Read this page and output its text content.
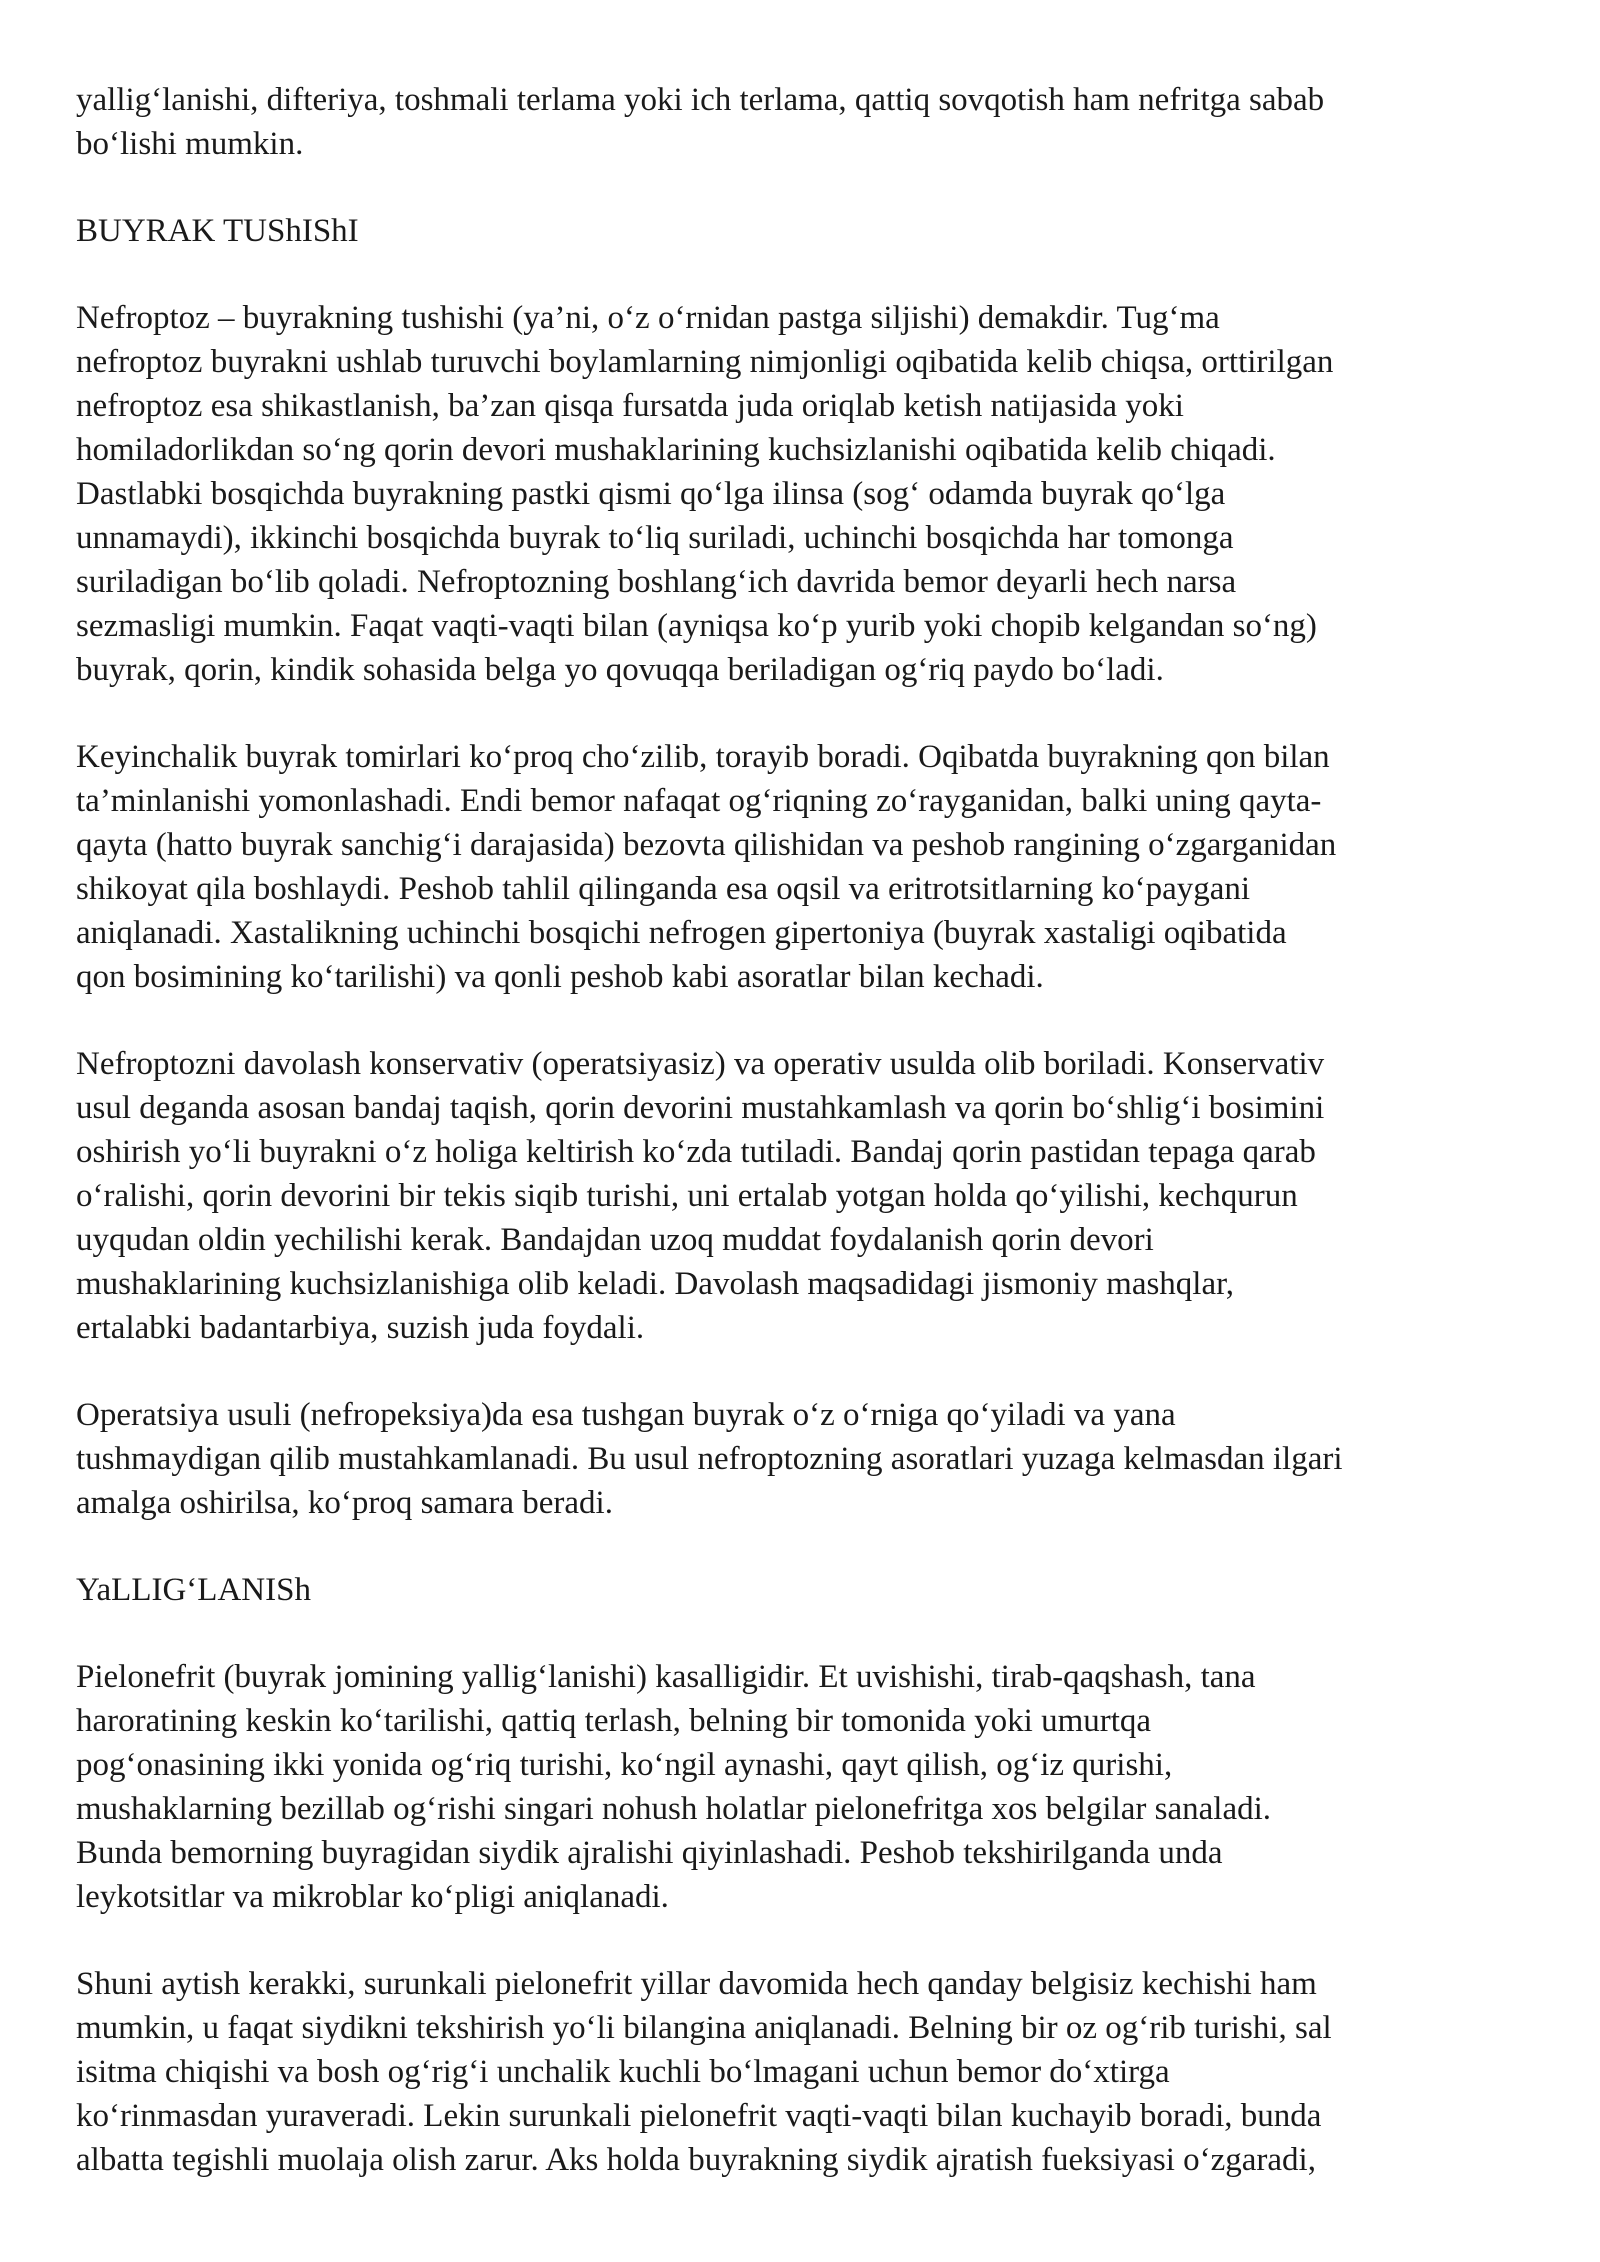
yallig‘lanishi, difteriya, toshmali terlama yoki ich terlama, qattiq sovqotish ham nefritga sabab
bo‘lishi mumkin.

BUYRAK TUShIShI

Nefroptoz – buyrakning tushishi (ya’ni, o‘z o‘rnidan pastga siljishi) demakdir. Tug‘ma
nefroptoz buyrakni ushlab turuvchi boylamlarning nimjonligi oqibatida kelib chiqsa, orttirilgan
nefroptoz esa shikastlanish, ba’zan qisqa fursatda juda oriqlab ketish natijasida yoki
homiladorlikdan so‘ng qorin devori mushaklarining kuchsizlanishi oqibatida kelib chiqadi.
Dastlabki bosqichda buyrakning pastki qismi qo‘lga ilinsa (sog‘ odamda buyrak qo‘lga
unnamaydi), ikkinchi bosqichda buyrak to‘liq suriladi, uchinchi bosqichda har tomonga
suriladigan bo‘lib qoladi. Nefroptozning boshlang‘ich davrida bemor deyarli hech narsa
sezmasligi mumkin. Faqat vaqti-vaqti bilan (ayniqsa ko‘p yurib yoki chopib kelgandan so‘ng)
buyrak, qorin, kindik sohasida belga yo qovuqqa beriladigan og‘riq paydo bo‘ladi.

Keyinchalik buyrak tomirlari ko‘proq cho‘zilib, torayib boradi. Oqibatda buyrakning qon bilan
ta’minlanishi yomonlashadi. Endi bemor nafaqat og‘riqning zo‘rayganidan, balki uning qayta-
qayta (hatto buyrak sanchig‘i darajasida) bezovta qilishidan va peshob rangining o‘zgarganidan
shikoyat qila boshlaydi. Peshob tahlil qilinganda esa oqsil va eritrotsitlarning ko‘paygani
aniqlanadi. Xastalikning uchinchi bosqichi nefrogen gipertoniya (buyrak xastaligi oqibatida
qon bosimining ko‘tarilishi) va qonli peshob kabi asoratlar bilan kechadi.

Nefroptozni davolash konservativ (operatsiyasiz) va operativ usulda olib boriladi. Konservativ
usul deganda asosan bandaj taqish, qorin devorini mustahkamlash va qorin bo‘shlig‘i bosimini
oshirish yo‘li buyrakni o‘z holiga keltirish ko‘zda tutiladi. Bandaj qorin pastidan tepaga qarab
o‘ralishi, qorin devorini bir tekis siqib turishi, uni ertalab yotgan holda qo‘yilishi, kechqurun
uyqudan oldin yechilishi kerak. Bandajdan uzoq muddat foydalanish qorin devori
mushaklarining kuchsizlanishiga olib keladi. Davolash maqsadidagi jismoniy mashqlar,
ertalabki badantarbiya, suzish juda foydali.

Operatsiya usuli (nefropeksiya)da esa tushgan buyrak o‘z o‘rniga qo‘yiladi va yana
tushmaydigan qilib mustahkamlanadi. Bu usul nefroptozning asoratlari yuzaga kelmasdan ilgari
amalga oshirilsa, ko‘proq samara beradi.

YaLLIG‘LANISh

Pielonefrit (buyrak jomining yallig‘lanishi) kasalligidir. Et uvishishi, tirab-qaqshash, tana
haroratining keskin ko‘tarilishi, qattiq terlash, belning bir tomonida yoki umurtqa
pog‘onasining ikki yonida og‘riq turishi, ko‘ngil aynashi, qayt qilish, og‘iz qurishi,
mushaklarning bezillab og‘rishi singari nohush holatlar pielonefritga xos belgilar sanaladi.
Bunda bemorning buyragidan siydik ajralishi qiyinlashadi. Peshob tekshirilganda unda
leykotsitlar va mikroblar ko‘pligi aniqlanadi.

Shuni aytish kerakki, surunkali pielonefrit yillar davomida hech qanday belgisiz kechishi ham
mumkin, u faqat siydikni tekshirish yo‘li bilangina aniqlanadi. Belning bir oz og‘rib turishi, sal
isitma chiqishi va bosh og‘rig‘i unchalik kuchli bo‘lmagani uchun bemor do‘xtirga
ko‘rinmasdan yuraveradi. Lekin surunkali pielonefrit vaqti-vaqti bilan kuchayib boradi, bunda
albatta tegishli muolaja olish zarur. Aks holda buyrakning siydik ajratish fueksiyasi o‘zgaradi,
